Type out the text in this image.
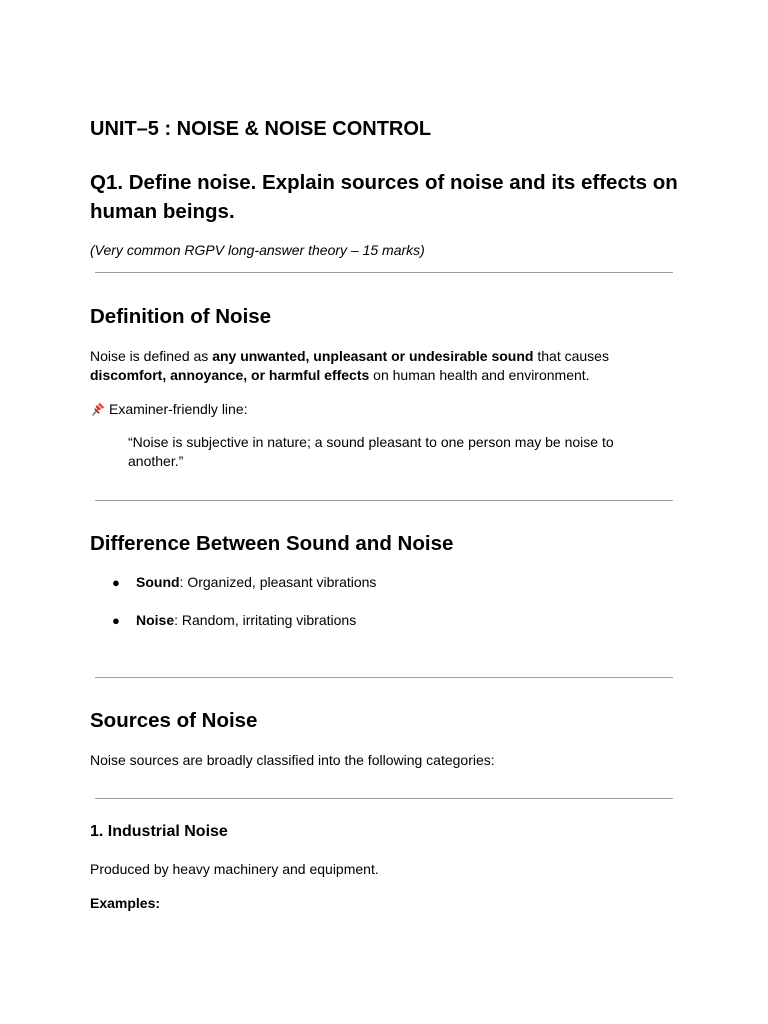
UNIT–5 : NOISE & NOISE CONTROL
Q1. Define noise. Explain sources of noise and its effects on human beings.

(Very common RGPV long-answer theory – 15 marks)

Definition of Noise

Noise is defined as any unwanted, unpleasant or undesirable sound that causes discomfort, annoyance, or harmful effects on human health and environment.

Examiner-friendly line:

“Noise is subjective in nature; a sound pleasant to one person may be noise to another.”

Difference Between Sound and Noise
● Sound: Organized, pleasant vibrations

● Noise: Random, irritating vibrations

Sources of Noise

Noise sources are broadly classified into the following categories:

1. Industrial Noise

Produced by heavy machinery and equipment.

Examples:
